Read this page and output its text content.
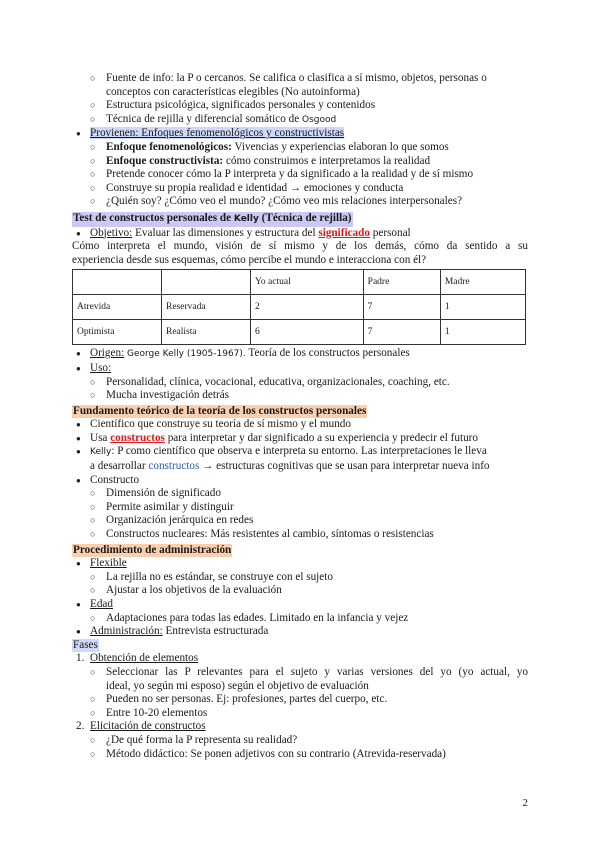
○ Fuente de info: la P o cercanos. Se califica o clasifica a sí mismo, objetos, personas o
conceptos con características elegibles (No autoinforma)
○ Estructura psicológica, significados personales y contenidos
○ Técnica de rejilla y diferencial somático de Osgood
● Provienen: Enfoques fenomenológicos y constructivistas
○ Enfoque fenomenológicos: Vivencias y experiencias elaboran lo que somos
○ Enfoque constructivista: cómo construimos e interpretamos la realidad
○ Pretende conocer cómo la P interpreta y da significado a la realidad y de sí mismo
○ Construye su propia realidad e identidad → emociones y conducta
○ ¿Quién soy? ¿Cómo veo el mundo? ¿Cómo veo mis relaciones interpersonales?
Test de constructos personales de Kelly (Técnica de rejilla)
● Objetivo: Evaluar las dimensiones y estructura del significado personal
Cómo interpreta el mundo, visión de sí mismo y de los demás, cómo da sentido a su
experiencia desde sus esquemas, cómo percibe el mundo e interacciona con él?
		Yo actual	Padre	Madre
Atrevida	Reservada	2	7	1
Optimista	Realista	6	7	1
● Origen: George Kelly (1905-1967). Teoría de los constructos personales
● Uso:
○ Personalidad, clínica, vocacional, educativa, organizacionales, coaching, etc.
○ Mucha investigación detrás
Fundamento teórico de la teoría de los constructos personales
● Científico que construye su teoría de sí mismo y el mundo
● Usa constructos para interpretar y dar significado a su experiencia y predecir el futuro
● Kelly: P como científico que observa e interpreta su entorno. Las interpretaciones le lleva
a desarrollar constructos → estructuras cognitivas que se usan para interpretar nueva info
● Constructo
○ Dimensión de significado
○ Permite asimilar y distinguir
○ Organización jerárquica en redes
○ Constructos nucleares: Más resistentes al cambio, síntomas o resistencias
Procedimiento de administración
● Flexible
○ La rejilla no es estándar, se construye con el sujeto
○ Ajustar a los objetivos de la evaluación
● Edad
○ Adaptaciones para todas las edades. Limitado en la infancia y vejez
● Administración: Entrevista estructurada
Fases
1. Obtención de elementos
○ Seleccionar las P relevantes para el sujeto y varias versiones del yo (yo actual, yo
ideal, yo según mi esposo) según el objetivo de evaluación
○ Pueden no ser personas. Ej: profesiones, partes del cuerpo, etc.
○ Entre 10-20 elementos
2. Elicitación de constructos
○ ¿De qué forma la P representa su realidad?
○ Método didáctico: Se ponen adjetivos con su contrario (Atrevida-reservada)
2
